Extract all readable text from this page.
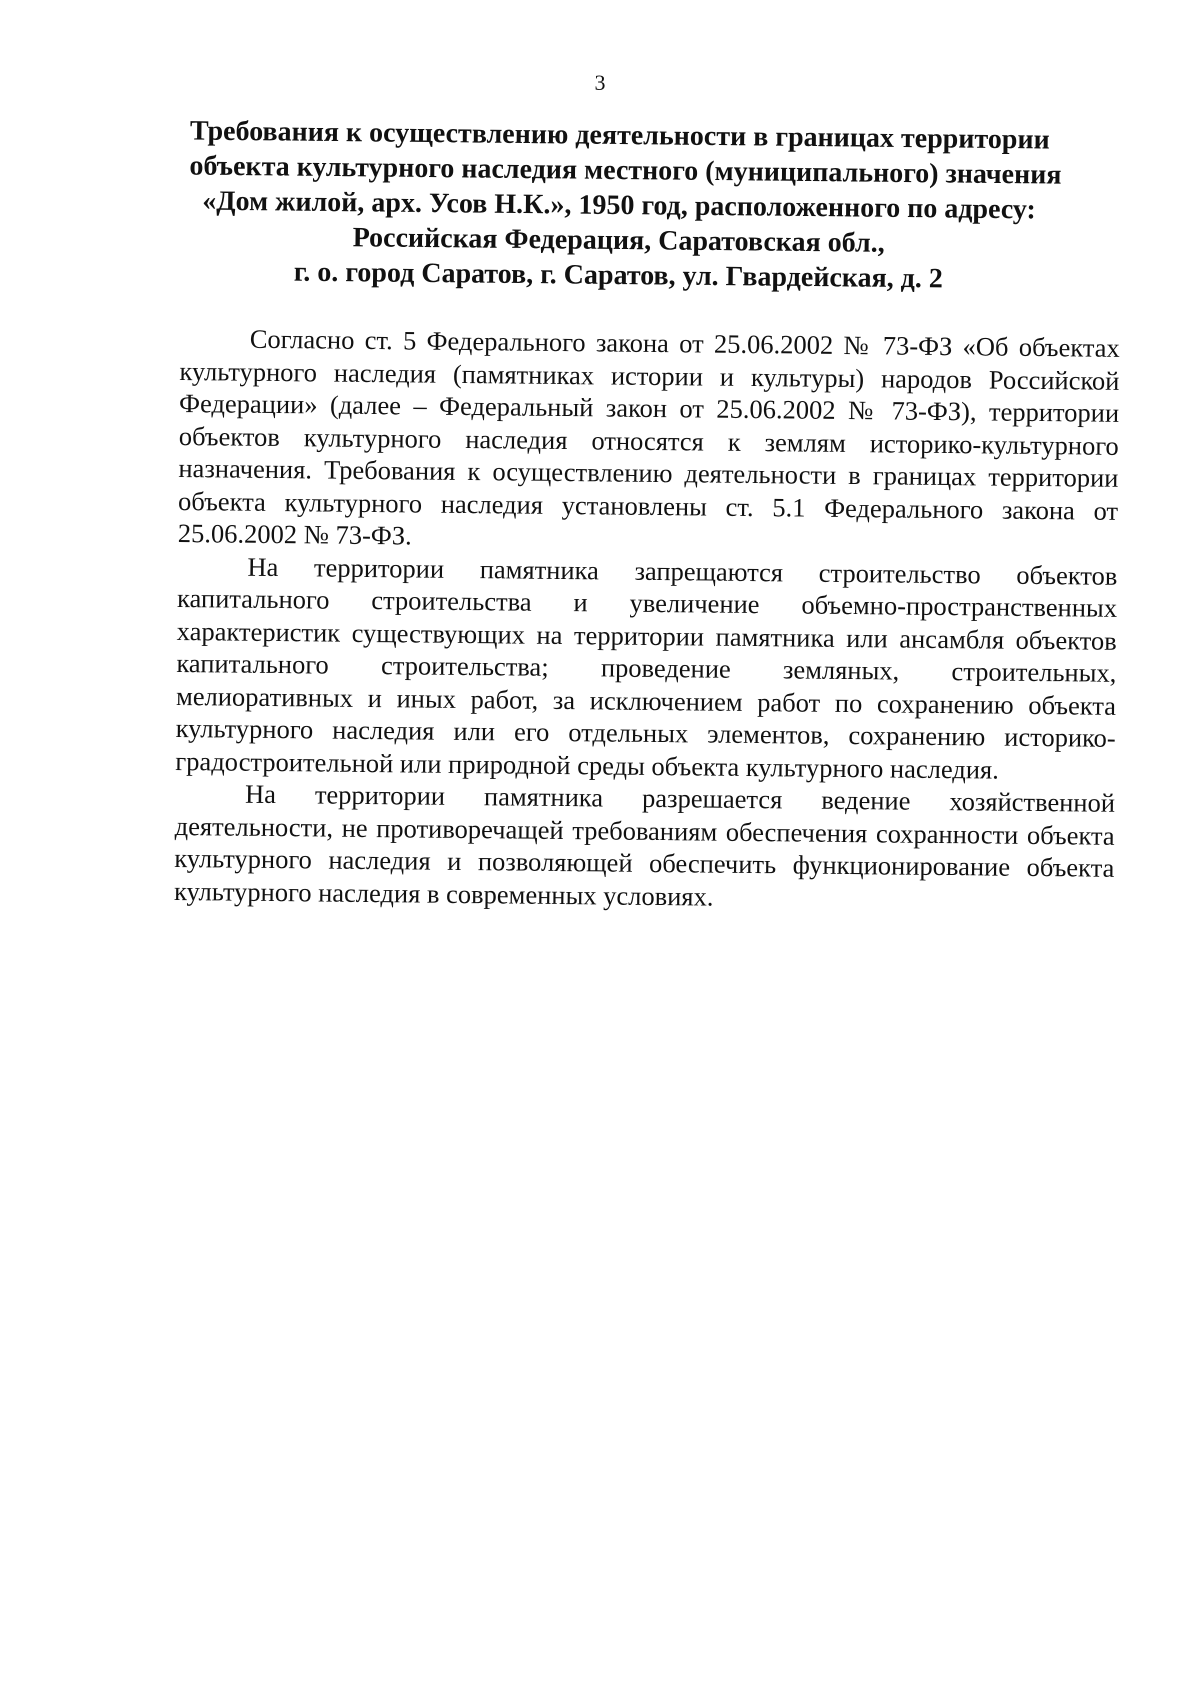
3
Требования к осуществлению деятельности в границах территории
объекта культурного наследия местного (муниципального) значения
«Дом жилой, арх. Усов Н.К.», 1950 год, расположенного по адресу:
Российская Федерация, Саратовская обл.,
г. о. город Саратов, г. Саратов, ул. Гвардейская, д. 2

Согласно ст. 5 Федерального закона от 25.06.2002 № 73-ФЗ «Об объектах культурного наследия (памятниках истории и культуры) народов Российской Федерации» (далее – Федеральный закон от 25.06.2002 № 73-ФЗ), территории объектов культурного наследия относятся к землям историко-культурного назначения. Требования к осуществлению деятельности в границах территории объекта культурного наследия установлены ст. 5.1 Федерального закона от 25.06.2002 № 73-ФЗ.

На территории памятника запрещаются строительство объектов капитального строительства и увеличение объемно-пространственных характеристик существующих на территории памятника или ансамбля объектов капитального строительства; проведение земляных, строительных, мелиоративных и иных работ, за исключением работ по сохранению объекта культурного наследия или его отдельных элементов, сохранению историко-градостроительной или природной среды объекта культурного наследия.

На территории памятника разрешается ведение хозяйственной деятельности, не противоречащей требованиям обеспечения сохранности объекта культурного наследия и позволяющей обеспечить функционирование объекта культурного наследия в современных условиях.
